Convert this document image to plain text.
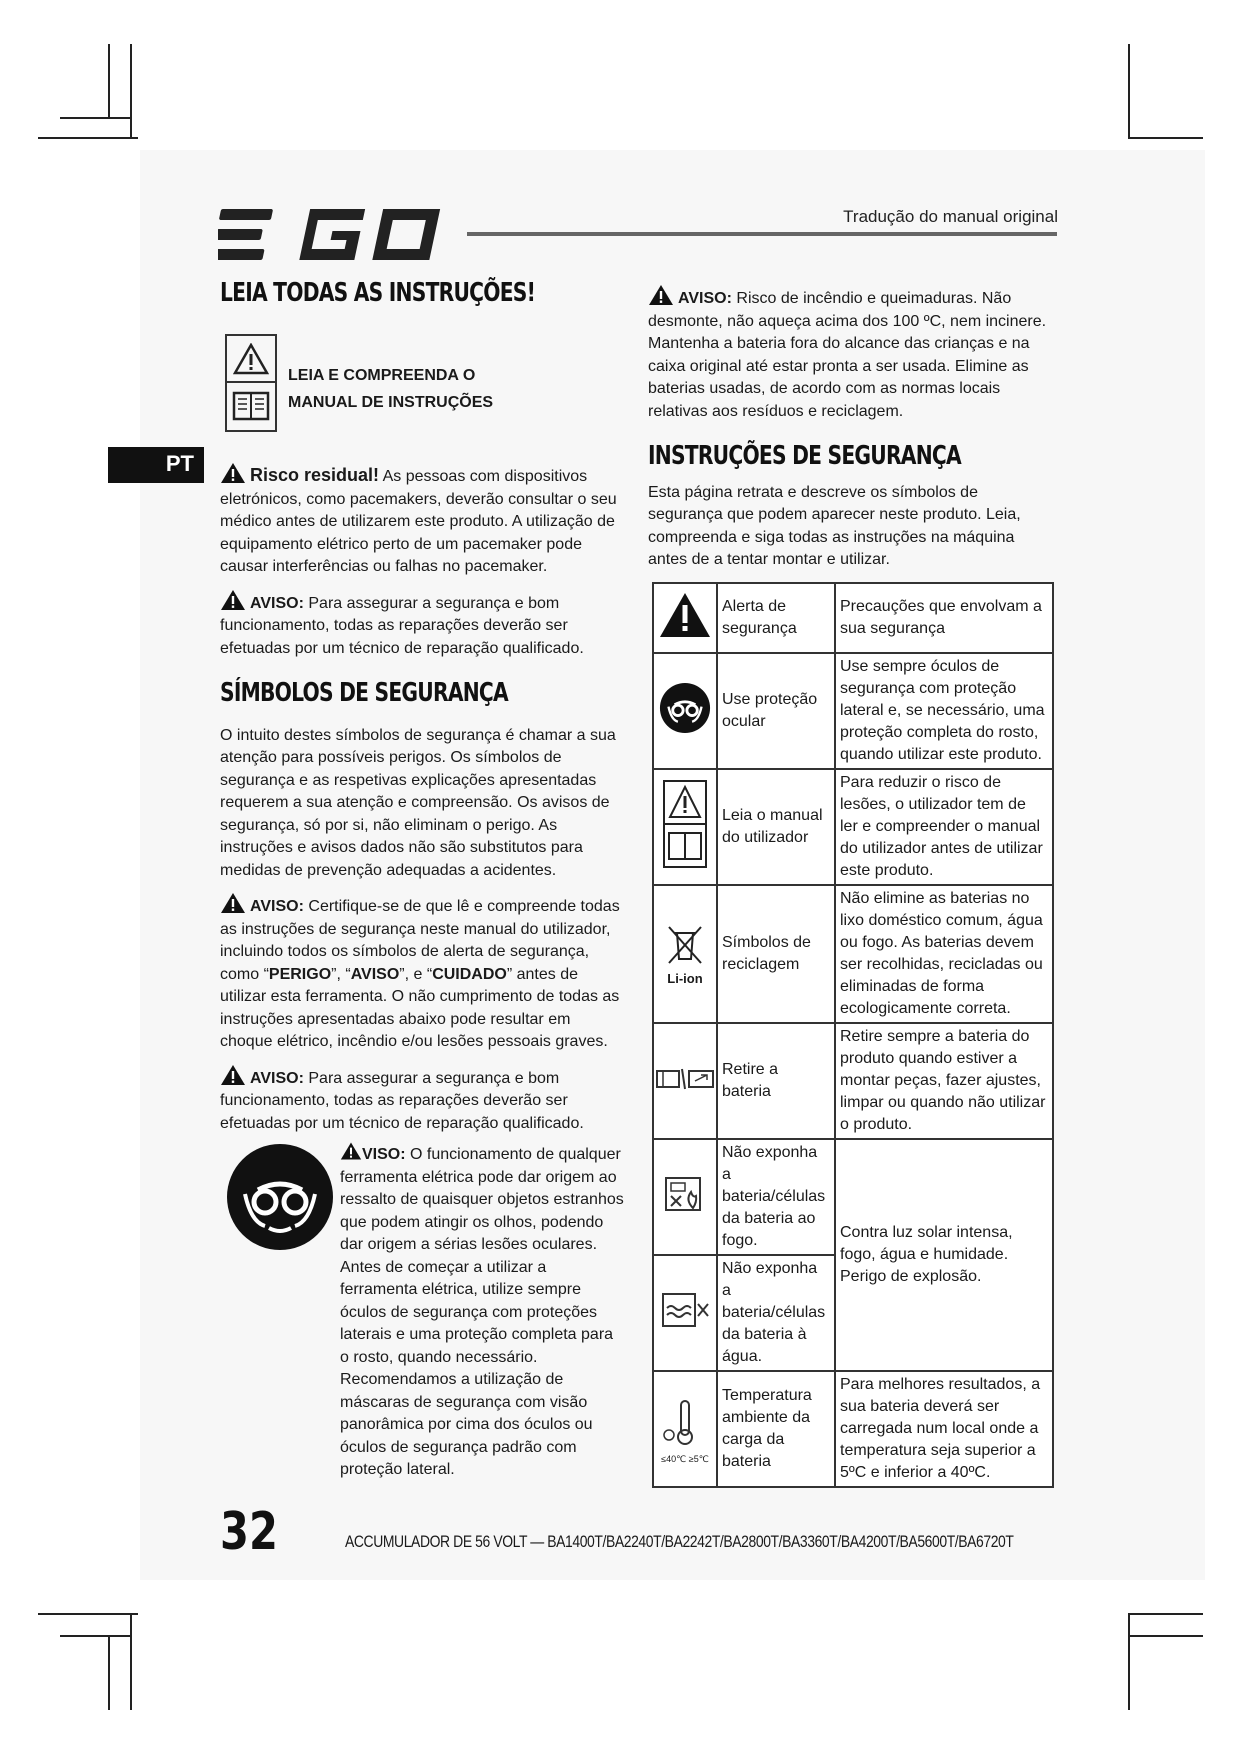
Tradução do manual original
PT
LEIA TODAS AS INSTRUÇÕES!
LEIA E COMPREENDA O
MANUAL DE INSTRUÇÕES

Risco residual! As pessoas com dispositivos eletrónicos, como pacemakers, deverão consultar o seu médico antes de utilizarem este produto. A utilização de equipamento elétrico perto de um pacemaker pode causar interferências ou falhas no pacemaker.

AVISO: Para assegurar a segurança e bom funcionamento, todas as reparações deverão ser efetuadas por um técnico de reparação qualificado.

SÍMBOLOS DE SEGURANÇA

O intuito destes símbolos de segurança é chamar a sua atenção para possíveis perigos. Os símbolos de segurança e as respetivas explicações apresentadas requerem a sua atenção e compreensão. Os avisos de segurança, só por si, não eliminam o perigo. As instruções e avisos dados não são substitutos para medidas de prevenção adequadas a acidentes.

AVISO: Certifique-se de que lê e compreende todas as instruções de segurança neste manual do utilizador, incluindo todos os símbolos de alerta de segurança, como “PERIGO”, “AVISO”, e “CUIDADO” antes de utilizar esta ferramenta. O não cumprimento de todas as instruções apresentadas abaixo pode resultar em choque elétrico, incêndio e/ou lesões pessoais graves.

AVISO: Para assegurar a segurança e bom funcionamento, todas as reparações deverão ser efetuadas por um técnico de reparação qualificado.

VISO: O funcionamento de qualquer ferramenta elétrica pode dar origem ao ressalto de quaisquer objetos estranhos que podem atingir os olhos, podendo dar origem a sérias lesões oculares. Antes de começar a utilizar a ferramenta elétrica, utilize sempre óculos de segurança com proteções laterais e uma proteção completa para o rosto, quando necessário. Recomendamos a utilização de máscaras de segurança com visão panorâmica por cima dos óculos ou óculos de segurança padrão com proteção lateral.

AVISO: Risco de incêndio e queimaduras. Não desmonte, não aqueça acima dos 100 ºC, nem incinere. Mantenha a bateria fora do alcance das crianças e na caixa original até estar pronta a ser usada. Elimine as baterias usadas, de acordo com as normas locais relativas aos resíduos e reciclagem.

INSTRUÇÕES DE SEGURANÇA

Esta página retrata e descreve os símbolos de segurança que podem aparecer neste produto. Leia, compreenda e siga todas as instruções na máquina antes de a tentar montar e utilizar.

	Alerta de segurança	Precauções que envolvam a sua segurança
	Use proteção ocular	Use sempre óculos de segurança com proteção lateral e, se necessário, uma proteção completa do rosto, quando utilizar este produto.
	Leia o manual do utilizador	Para reduzir o risco de lesões, o utilizador tem de ler e compreender o manual do utilizador antes de utilizar este produto.

Li-ion	Símbolos de reciclagem	Não elimine as baterias no lixo doméstico comum, água ou fogo. As baterias devem ser recolhidas, recicladas ou eliminadas de forma ecologicamente correta.
	Retire a bateria	Retire sempre a bateria do produto quando estiver a montar peças, fazer ajustes, limpar ou quando não utilizar o produto.
	Não exponha a bateria/células da bateria ao fogo.	Contra luz solar intensa, fogo, água e humidade. Perigo de explosão.
	Não exponha a bateria/células da bateria à água.	

≤40℃ ≥5℃	Temperatura ambiente da carga da bateria	Para melhores resultados, a sua bateria deverá ser carregada num local onde a temperatura seja superior a 5ºC e inferior a 40ºC.
32	ACCUMULADOR DE 56 VOLT — BA1400T/BA2240T/BA2242T/BA2800T/BA3360T/BA4200T/BA5600T/BA6720T
